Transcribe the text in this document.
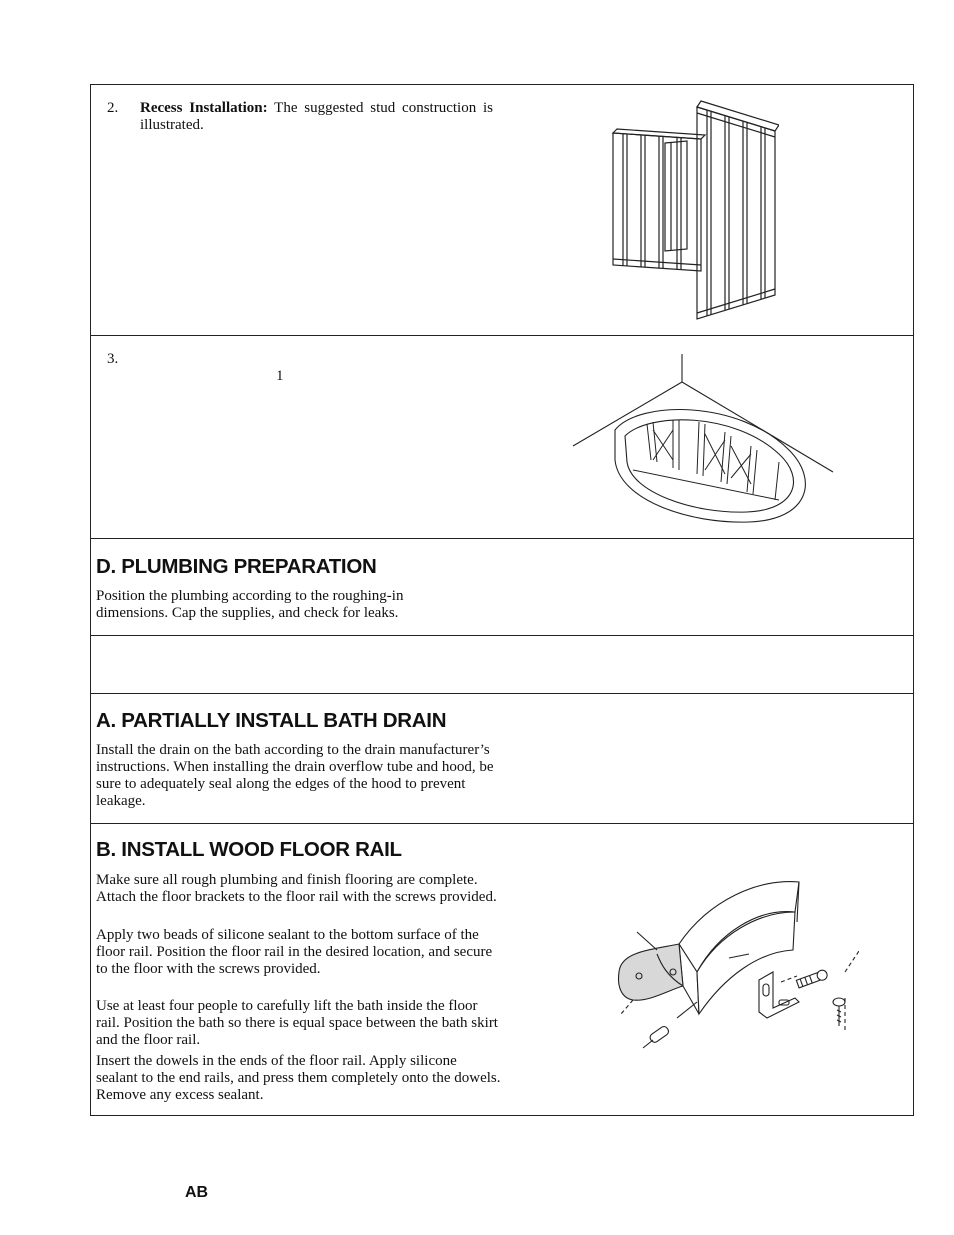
2. Recess Installation: The suggested stud construction is illustrated.
3.
1
D. PLUMBING PREPARATION

Position the plumbing according to the roughing-in dimensions. Cap the supplies, and check for leaks.

A. PARTIALLY INSTALL BATH DRAIN

Install the drain on the bath according to the drain manufacturer’s instructions. When installing the drain overflow tube and hood, be sure to adequately seal along the edges of the hood to prevent leakage.

B. INSTALL WOOD FLOOR RAIL

Make sure all rough plumbing and finish flooring are complete. Attach the floor brackets to the floor rail with the screws provided.

Apply two beads of silicone sealant to the bottom surface of the floor rail. Position the floor rail in the desired location, and secure to the floor with the screws provided.

Use at least four people to carefully lift the bath inside the floor rail. Position the bath so there is equal space between the bath skirt and the floor rail.

Insert the dowels in the ends of the floor rail. Apply silicone sealant to the end rails, and press them completely onto the dowels. Remove any excess sealant.

AB
